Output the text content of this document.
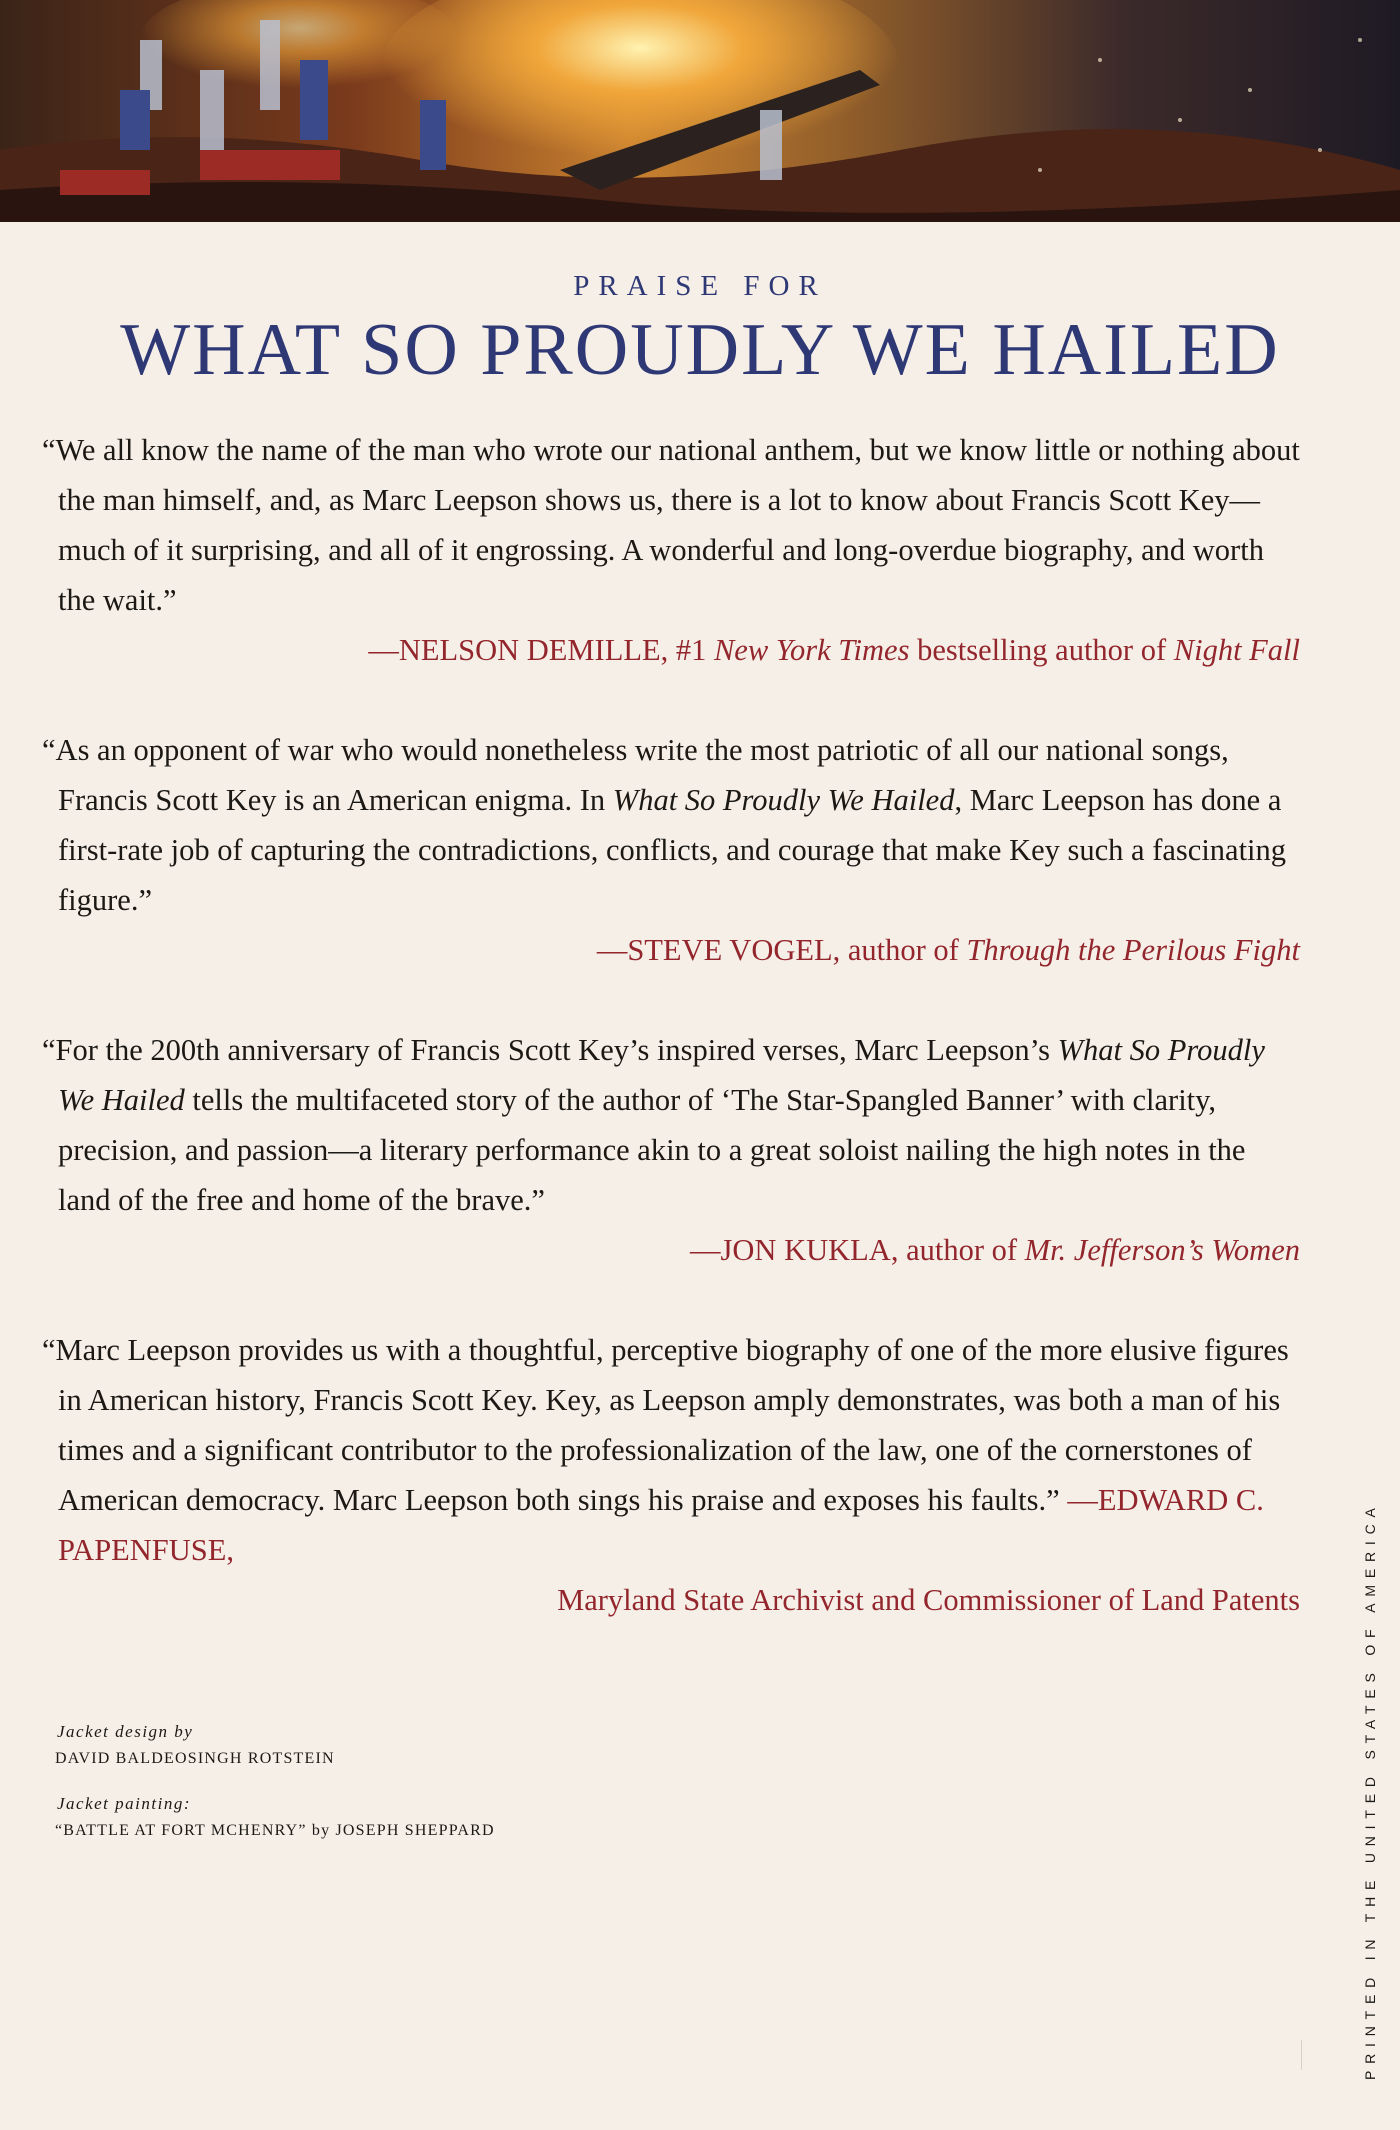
PRAISE FOR
WHAT SO PROUDLY WE HAILED

“We all know the name of the man who wrote our national anthem, but we know little or nothing about the man himself, and, as Marc Leepson shows us, there is a lot to know about Francis Scott Key—much of it surprising, and all of it engrossing. A wonderful and long-overdue biography, and worth the wait.”

—NELSON DEMILLE, #1 New York Times bestselling author of Night Fall

“As an opponent of war who would nonetheless write the most patriotic of all our national songs, Francis Scott Key is an American enigma. In What So Proudly We Hailed, Marc Leepson has done a first-rate job of capturing the contradictions, conflicts, and courage that make Key such a fascinating figure.”

—STEVE VOGEL, author of Through the Perilous Fight

“For the 200th anniversary of Francis Scott Key’s inspired verses, Marc Leepson’s What So Proudly We Hailed tells the multifaceted story of the author of ‘The Star-Spangled Banner’ with clarity, precision, and passion—a literary performance akin to a great soloist nailing the high notes in the land of the free and home of the brave.”

—JON KUKLA, author of Mr. Jefferson’s Women

“Marc Leepson provides us with a thoughtful, perceptive biography of one of the more elusive figures in American history, Francis Scott Key. Key, as Leepson amply demonstrates, was both a man of his times and a significant contributor to the professionalization of the law, one of the cornerstones of American democracy. Marc Leepson both sings his praise and exposes his faults.” —EDWARD C. PAPENFUSE,

Maryland State Archivist and Commissioner of Land Patents
Jacket design by
DAVID BALDEOSINGH ROTSTEIN
Jacket painting:
“BATTLE AT FORT MCHENRY” by JOSEPH SHEPPARD	PRINTED IN THE UNITED STATES OF AMERICA
